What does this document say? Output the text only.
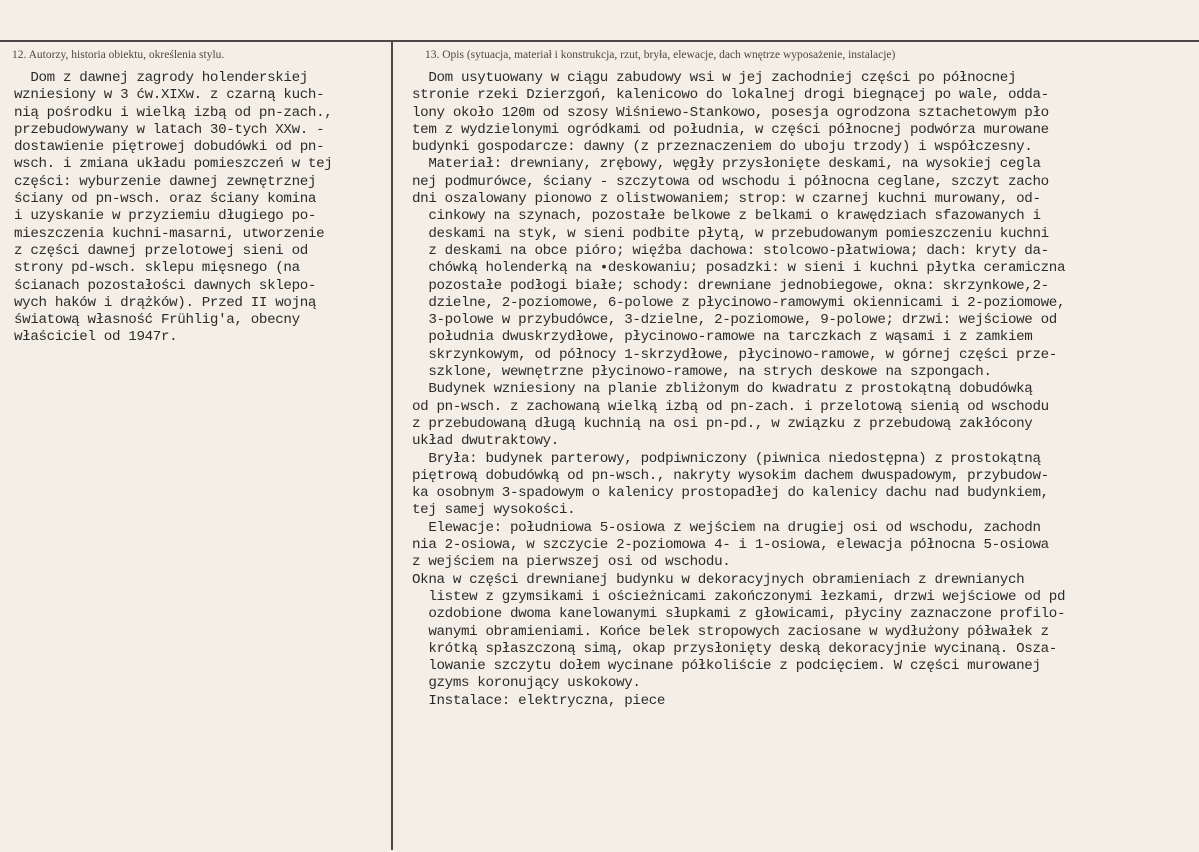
12. Autorzy, historia obiektu, określenia stylu.	13. Opis (sytuacja, materiał i konstrukcja, rzut, bryła, elewacje, dach wnętrze wyposażenie, instalacje)
Dom z dawnej zagrody holenderskiej
wzniesiony w 3 ćw.XIXw. z czarną kuch-
nią pośrodku i wielką izbą od pn-zach.,
przebudowywany w latach 30-tych XXw. -
dostawienie piętrowej dobudówki od pn-
wsch. i zmiana układu pomieszczeń w tej
części: wyburzenie dawnej zewnętrznej
ściany od pn-wsch. oraz ściany komina
i uzyskanie w przyziemiu długiego po-
mieszczenia kuchni-masarni, utworzenie
z części dawnej przelotowej sieni od
strony pd-wsch. sklepu mięsnego (na
ścianach pozostałości dawnych sklepo-
wych haków i drążków). Przed II wojną
światową własność Frühlig'a, obecny
właściciel od 1947r.
Dom usytuowany w ciągu zabudowy wsi w jej zachodniej części po północnej
stronie rzeki Dzierzgoń, kalenicowo do lokalnej drogi biegnącej po wale, odda-
lony około 120m od szosy Wiśniewo-Stankowo, posesja ogrodzona sztachetowym pło
tem z wydzielonymi ogródkami od południa, w części północnej podwórza murowane
budynki gospodarcze: dawny (z przeznaczeniem do uboju trzody) i współczesny.
Materiał: drewniany, zrębowy, węgły przysłonięte deskami, na wysokiej cegla
nej podmurówce, ściany - szczytowa od wschodu i północna ceglane, szczyt zacho
dni oszalowany pionowo z olistwowaniem; strop: w czarnej kuchni murowany, od-
cinkowy na szynach, pozostałe belkowe z belkami o krawędziach sfazowanych i
deskami na styk, w sieni podbite płytą, w przebudowanym pomieszczeniu kuchni
z deskami na obce pióro; więźba dachowa: stolcowo-płatwiowa; dach: kryty da-
chówką holenderką na •deskowaniu; posadzki: w sieni i kuchni płytka ceramiczna
pozostałe podłogi białe; schody: drewniane jednobiegowe, okna: skrzynkowe,2-
dzielne, 2-poziomowe, 6-polowe z płycinowo-ramowymi okiennicami i 2-poziomowe,
3-polowe w przybudówce, 3-dzielne, 2-poziomowe, 9-polowe; drzwi: wejściowe od
południa dwuskrzydłowe, płycinowo-ramowe na tarczkach z wąsami i z zamkiem
skrzynkowym, od północy 1-skrzydłowe, płycinowo-ramowe, w górnej części prze-
szklone, wewnętrzne płycinowo-ramowe, na strych deskowe na szpongach.
Budynek wzniesiony na planie zbliżonym do kwadratu z prostokątną dobudówką
od pn-wsch. z zachowaną wielką izbą od pn-zach. i przelotową sienią od wschodu
z przebudowaną długą kuchnią na osi pn-pd., w związku z przebudową zakłócony
układ dwutraktowy.
Bryła: budynek parterowy, podpiwniczony (piwnica niedostępna) z prostokątną
piętrową dobudówką od pn-wsch., nakryty wysokim dachem dwuspadowym, przybudow-
ka osobnym 3-spadowym o kalenicy prostopadłej do kalenicy dachu nad budynkiem,
tej samej wysokości.
Elewacje: południowa 5-osiowa z wejściem na drugiej osi od wschodu, zachodn
nia 2-osiowa, w szczycie 2-poziomowa 4- i 1-osiowa, elewacja północna 5-osiowa
z wejściem na pierwszej osi od wschodu.
Okna w części drewnianej budynku w dekoracyjnych obramieniach z drewnianych
listew z gzymsikami i ościeżnicami zakończonymi łezkami, drzwi wejściowe od pd
ozdobione dwoma kanelowanymi słupkami z głowicami, płyciny zaznaczone profilo-
wanymi obramieniami. Końce belek stropowych zaciosane w wydłużony półwałek z
krótką spłaszczoną simą, okap przysłonięty deską dekoracyjnie wycinaną. Osza-
lowanie szczytu dołem wycinane półkoliście z podcięciem. W części murowanej
gzyms koronujący uskokowy.
Instalace: elektryczna, piece
